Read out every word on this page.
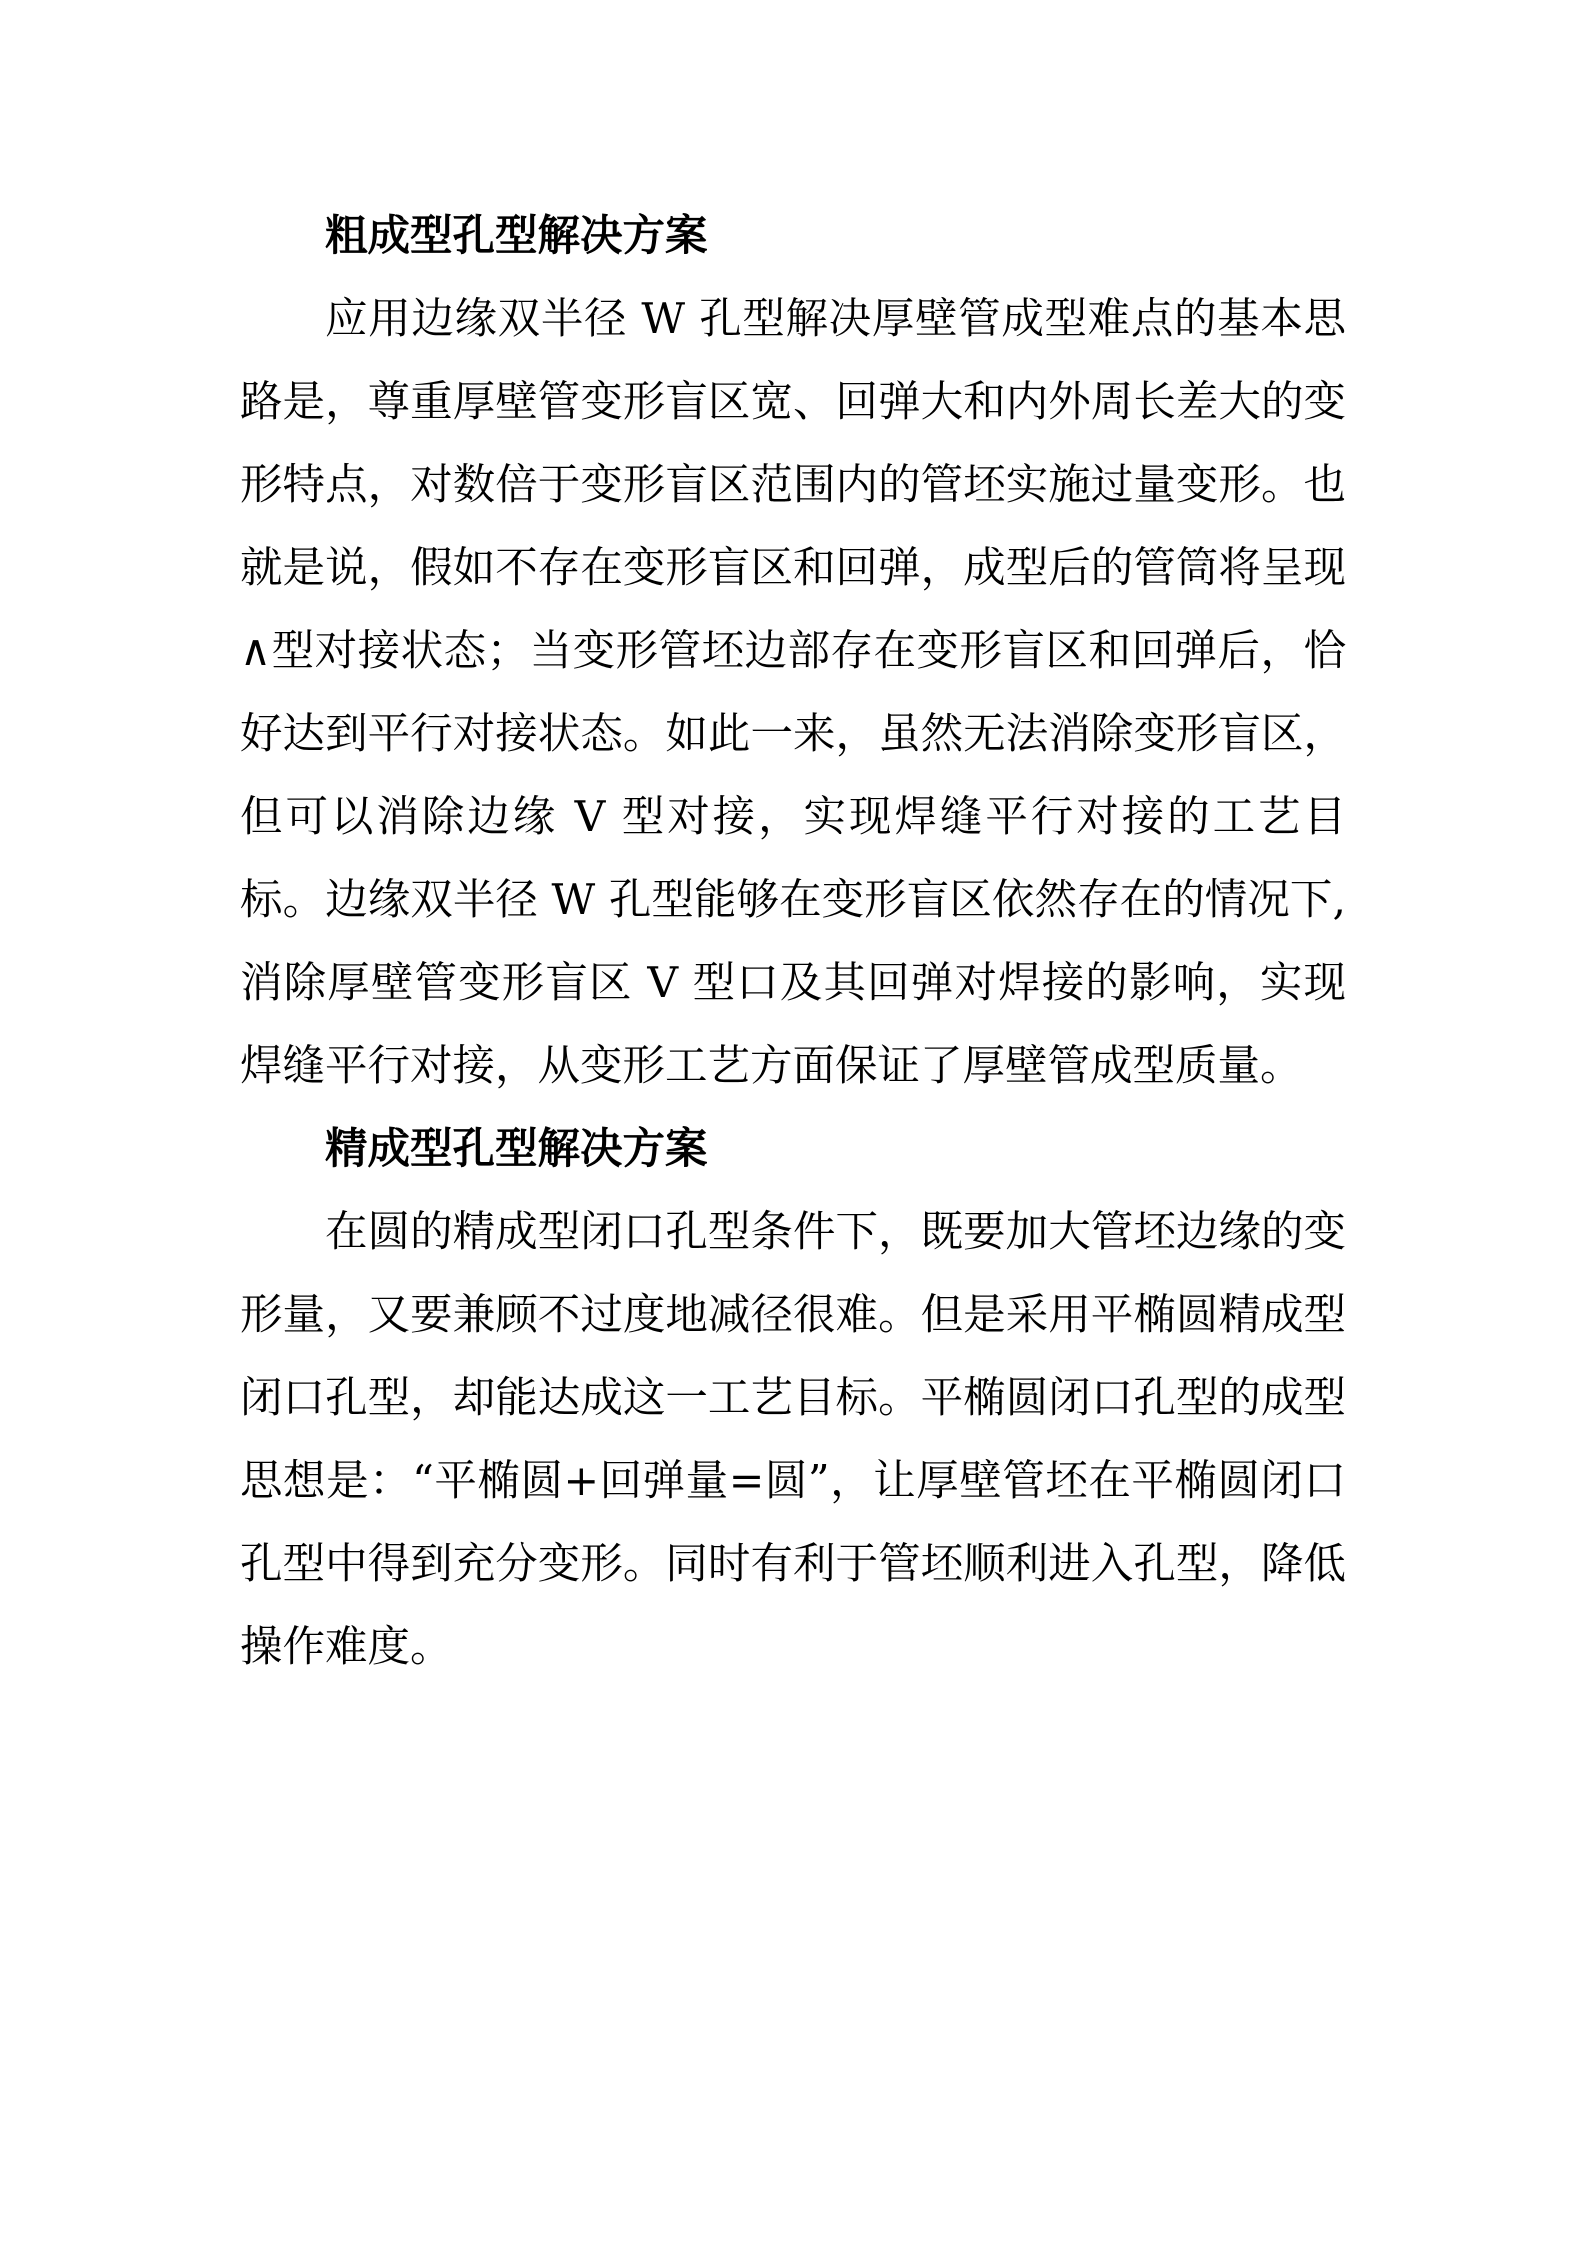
粗成型孔型解决方案

应用边缘双半径 W 孔型解决厚壁管成型难点的基本思路是，尊重厚壁管变形盲区宽、回弹大和内外周长差大的变形特点，对数倍于变形盲区范围内的管坯实施过量变形。也就是说，假如不存在变形盲区和回弹，成型后的管筒将呈现∧型对接状态；当变形管坯边部存在变形盲区和回弹后，恰好达到平行对接状态。如此一来，虽然无法消除变形盲区，但可以消除边缘 V 型对接，实现焊缝平行对接的工艺目标。边缘双半径 W 孔型能够在变形盲区依然存在的情况下,消除厚壁管变形盲区 V 型口及其回弹对焊接的影响，实现焊缝平行对接，从变形工艺方面保证了厚壁管成型质量。

精成型孔型解决方案

在圆的精成型闭口孔型条件下，既要加大管坯边缘的变形量，又要兼顾不过度地减径很难。但是采用平椭圆精成型闭口孔型，却能达成这一工艺目标。平椭圆闭口孔型的成型思想是：“平椭圆+回弹量=圆”，让厚壁管坯在平椭圆闭口孔型中得到充分变形。同时有利于管坯顺利进入孔型，降低操作难度。
